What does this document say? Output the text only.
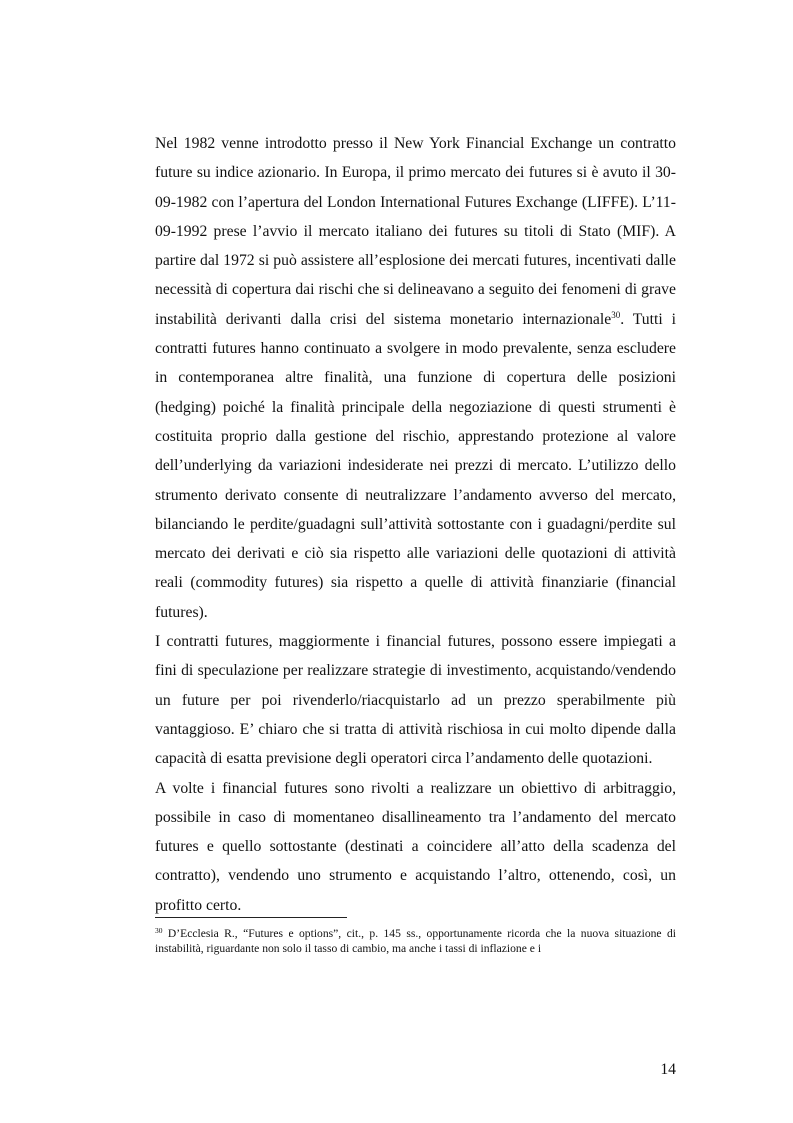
Nel 1982 venne introdotto presso il New York Financial Exchange un contratto future su indice azionario. In Europa, il primo mercato dei futures si è avuto il 30-09-1982 con l’apertura del London International Futures Exchange (LIFFE). L’11-09-1992 prese l’avvio il mercato italiano dei futures su titoli di Stato (MIF). A partire dal 1972 si può assistere all’esplosione dei mercati futures, incentivati dalle necessità di copertura dai rischi che si delineavano a seguito dei fenomeni di grave instabilità derivanti dalla crisi del sistema monetario internazionale$^{30}$. Tutti i contratti futures hanno continuato a svolgere in modo prevalente, senza escludere in contemporanea altre finalità, una funzione di copertura delle posizioni (hedging) poiché la finalità principale della negoziazione di questi strumenti è costituita proprio dalla gestione del rischio, apprestando protezione al valore dell’underlying da variazioni indesiderate nei prezzi di mercato. L’utilizzo dello strumento derivato consente di neutralizzare l’andamento avverso del mercato, bilanciando le perdite/guadagni sull’attività sottostante con i guadagni/perdite sul mercato dei derivati e ciò sia rispetto alle variazioni delle quotazioni di attività reali (commodity futures) sia rispetto a quelle di attività finanziarie (financial futures).

I contratti futures, maggiormente i financial futures, possono essere impiegati a fini di speculazione per realizzare strategie di investimento, acquistando/vendendo un future per poi rivenderlo/riacquistarlo ad un prezzo sperabilmente più vantaggioso. E’ chiaro che si tratta di attività rischiosa in cui molto dipende dalla capacità di esatta previsione degli operatori circa l’andamento delle quotazioni.

A volte i financial futures sono rivolti a realizzare un obiettivo di arbitraggio, possibile in caso di momentaneo disallineamento tra l’andamento del mercato futures e quello sottostante (destinati a coincidere all’atto della scadenza del contratto), vendendo uno strumento e acquistando l’altro, ottenendo, così, un profitto certo.

$^{30}$ D’Ecclesia R., “Futures e options”, cit., p. 145 ss., opportunamente ricorda che la nuova situazione di instabilità, riguardante non solo il tasso di cambio, ma anche i tassi di inflazione e i
14
